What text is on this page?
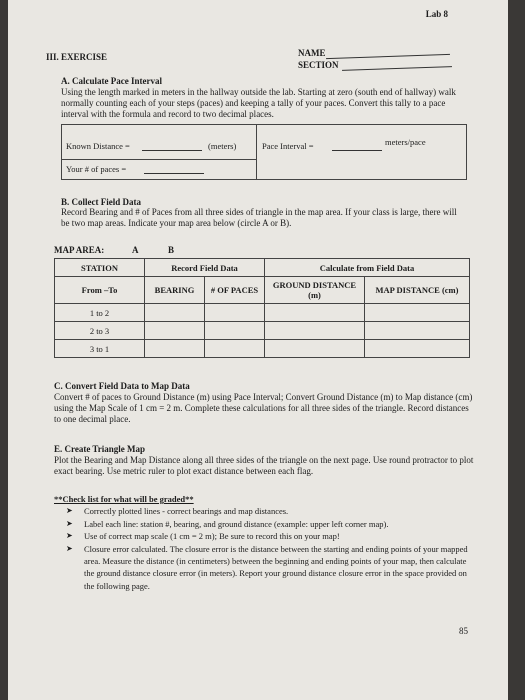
Lab 8
III. EXERCISE	NAME
SECTION
A. Calculate Pace Interval
Using the length marked in meters in the hallway outside the lab. Starting at zero (south end of hallway) walk normally counting each of your steps (paces) and keeping a tally of your paces. Convert this tally to a pace interval with the formula and record to two decimal places.
Known Distance =	(meters)	Pace Interval =	meters/pace
Your # of paces =
B. Collect Field Data
Record Bearing and # of Paces from all three sides of triangle in the map area. If your class is large, there will be two map areas. Indicate your map area below (circle A or B).
MAP AREA:	A	B
STATION	Record Field Data		Calculate from Field Data	
From –To	BEARING	# OF PACES	GROUND DISTANCE (m)	MAP DISTANCE (cm)
1 to 2				
2 to 3				
3 to 1				
C. Convert Field Data to Map Data
Convert # of paces to Ground Distance (m) using Pace Interval; Convert Ground Distance (m) to Map distance (cm) using the Map Scale of 1 cm = 2 m. Complete these calculations for all three sides of the triangle. Record distances to one decimal place.
E. Create Triangle Map
Plot the Bearing and Map Distance along all three sides of the triangle on the next page. Use round protractor to plot exact bearing. Use metric ruler to plot exact distance between each flag.
**Check list for what will be graded**
➤ Correctly plotted lines - correct bearings and map distances.
➤ Label each line: station #, bearing, and ground distance (example: upper left corner map).
➤ Use of correct map scale (1 cm = 2 m); Be sure to record this on your map!
➤ Closure error calculated. The closure error is the distance between the starting and ending points of your mapped area. Measure the distance (in centimeters) between the beginning and ending points of your map, then calculate the ground distance closure error (in meters). Report your ground distance closure error in the space provided on the following page.
85
